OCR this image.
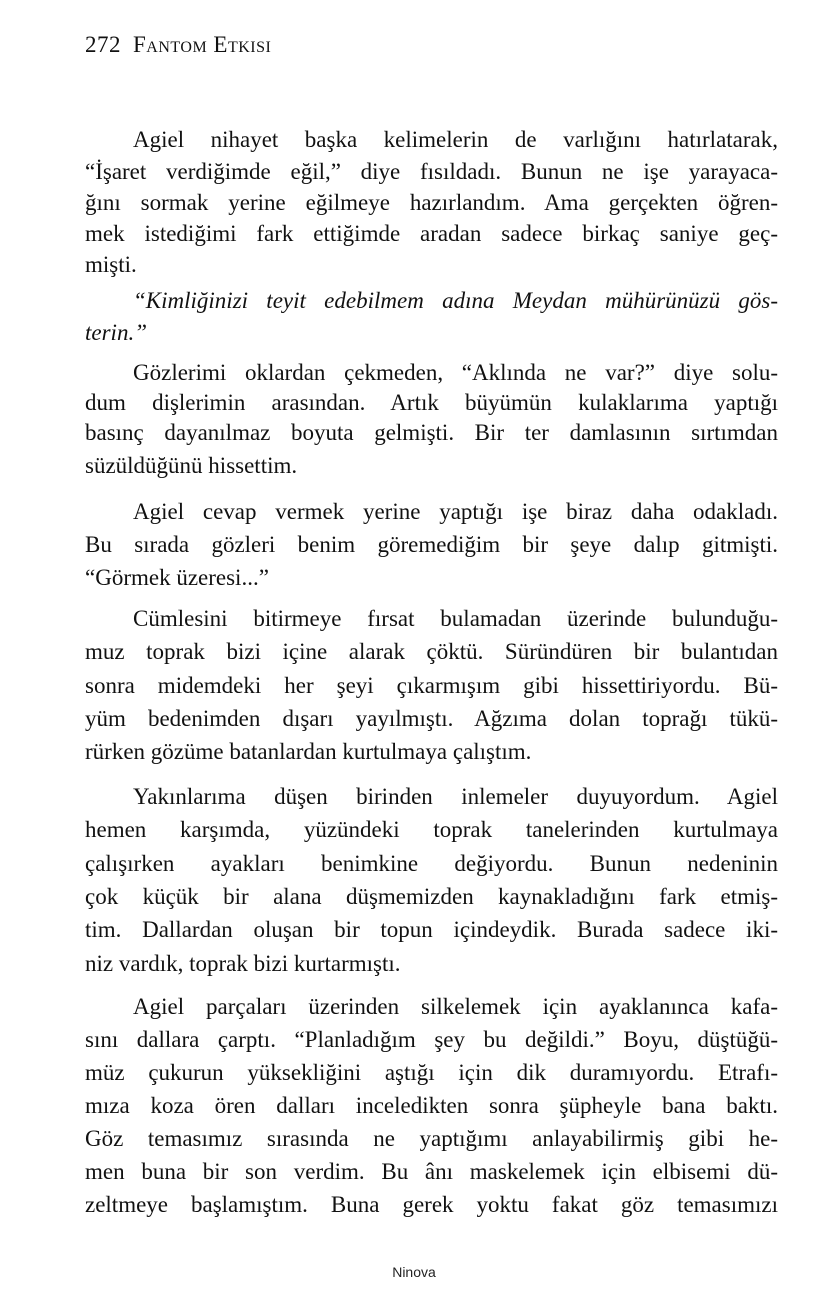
272 Fantom Etkisi
Agiel nihayet başka kelimelerin de varlığını hatırlatarak,
“İşaret verdiğimde eğil,” diye fısıldadı. Bunun ne işe yarayaca-
ğını sormak yerine eğilmeye hazırlandım. Ama gerçekten öğren-
mek istediğimi fark ettiğimde aradan sadece birkaç saniye geç-
mişti.
“Kimliğinizi teyit edebilmem adına Meydan mühürünüzü gös-
terin.”
Gözlerimi oklardan çekmeden, “Aklında ne var?” diye solu-
dum dişlerimin arasından. Artık büyümün kulaklarıma yaptığı
basınç dayanılmaz boyuta gelmişti. Bir ter damlasının sırtımdan
süzüldüğünü hissettim.
Agiel cevap vermek yerine yaptığı işe biraz daha odakladı.
Bu sırada gözleri benim göremediğim bir şeye dalıp gitmişti.
“Görmek üzeresi...”
Cümlesini bitirmeye fırsat bulamadan üzerinde bulunduğu-
muz toprak bizi içine alarak çöktü. Süründüren bir bulantıdan
sonra midemdeki her şeyi çıkarmışım gibi hissettiriyordu. Bü-
yüm bedenimden dışarı yayılmıştı. Ağzıma dolan toprağı tükü-
rürken gözüme batanlardan kurtulmaya çalıştım.
Yakınlarıma düşen birinden inlemeler duyuyordum. Agiel
hemen karşımda, yüzündeki toprak tanelerinden kurtulmaya
çalışırken ayakları benimkine değiyordu. Bunun nedeninin
çok küçük bir alana düşmemizden kaynakladığını fark etmiş-
tim. Dallardan oluşan bir topun içindeydik. Burada sadece iki-
niz vardık, toprak bizi kurtarmıştı.
Agiel parçaları üzerinden silkelemek için ayaklanınca kafa-
sını dallara çarptı. “Planladığım şey bu değildi.” Boyu, düştüğü-
müz çukurun yüksekliğini aştığı için dik duramıyordu. Etrafı-
mıza koza ören dalları inceledikten sonra şüpheyle bana baktı.
Göz temasımız sırasında ne yaptığımı anlayabilirmiş gibi he-
men buna bir son verdim. Bu ânı maskelemek için elbisemi dü-
zeltmeye başlamıştım. Buna gerek yoktu fakat göz temasımızı
Ninova
